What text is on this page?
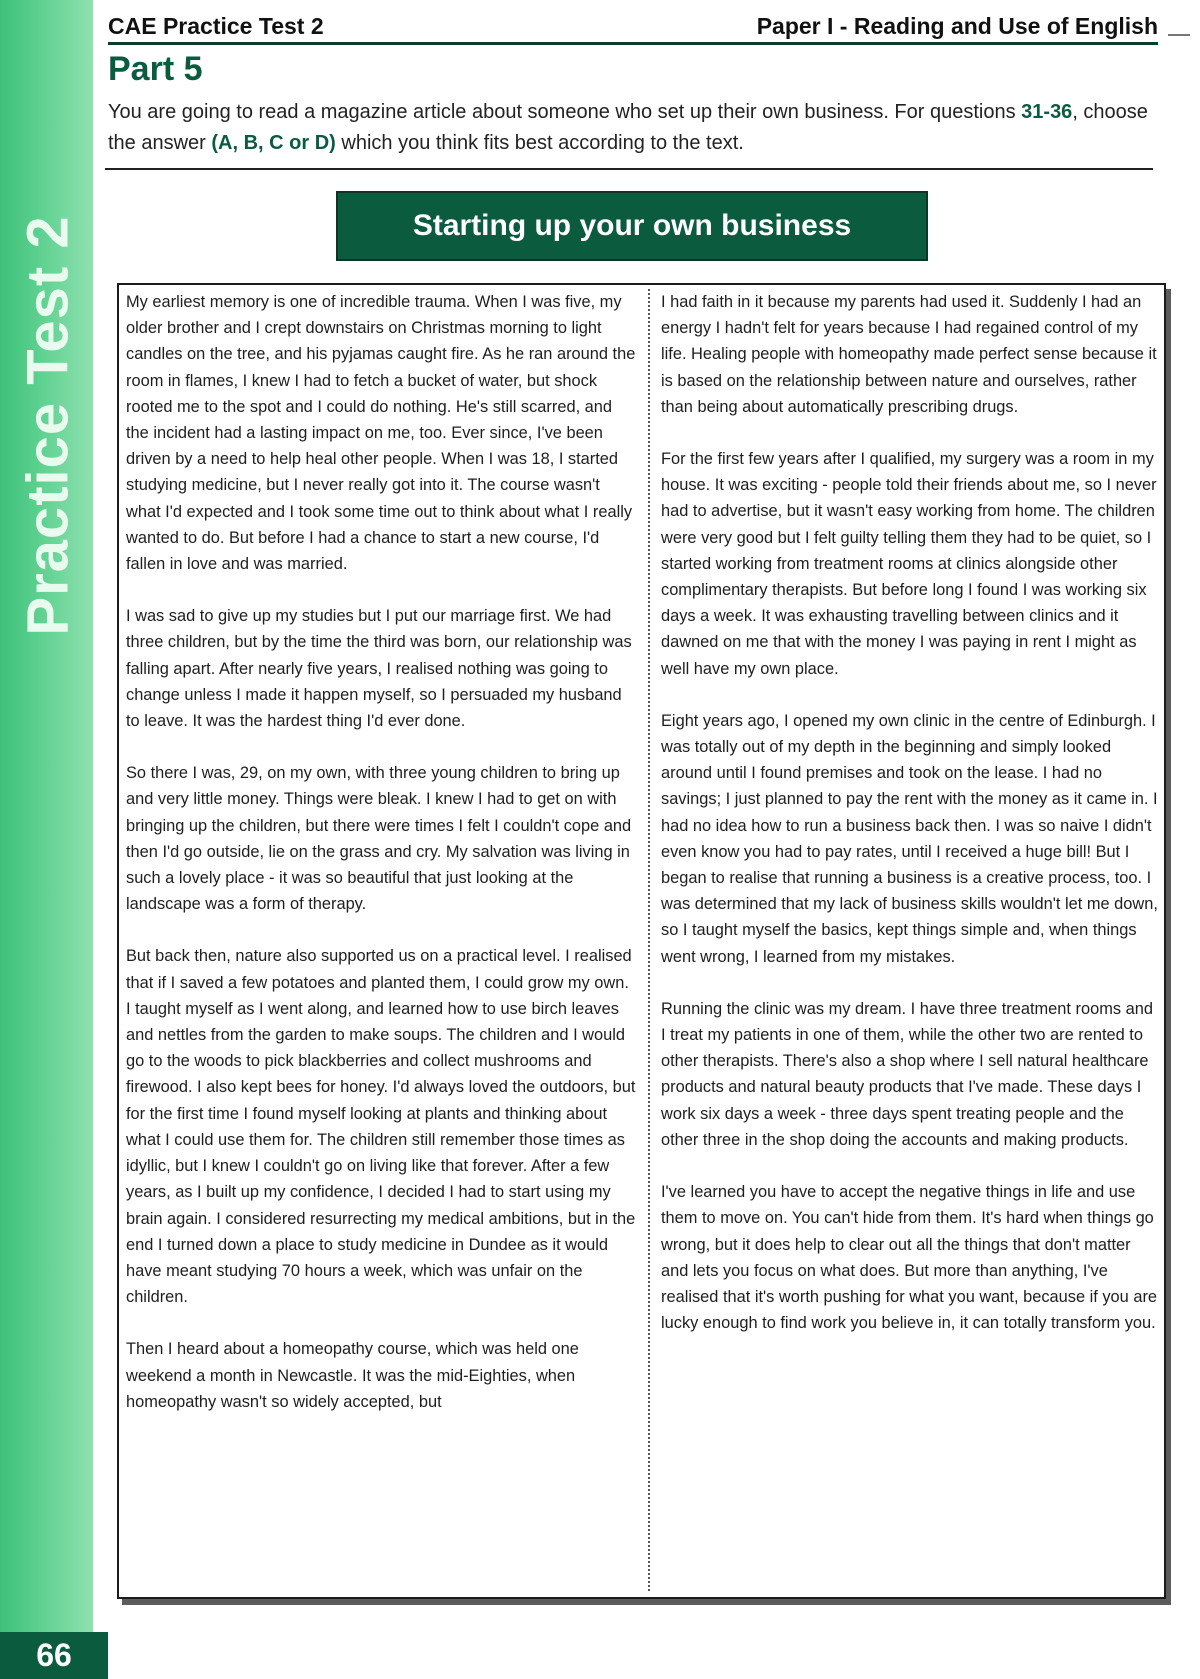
Practice Test 2
66
CAE Practice Test 2	Paper I - Reading and Use of English
Part 5
You are going to read a magazine article about someone who set up their own business. For questions 31-36, choose the answer (A, B, C or D) which you think fits best according to the text.
Starting up your own business

My earliest memory is one of incredible trauma. When I was five, my older brother and I crept downstairs on Christmas morning to light candles on the tree, and his pyjamas caught fire. As he ran around the room in flames, I knew I had to fetch a bucket of water, but shock rooted me to the spot and I could do nothing. He's still scarred, and the incident had a lasting impact on me, too. Ever since, I've been driven by a need to help heal other people. When I was 18, I started studying medicine, but I never really got into it. The course wasn't what I'd expected and I took some time out to think about what I really wanted to do. But before I had a chance to start a new course, I'd fallen in love and was married.

I was sad to give up my studies but I put our marriage first. We had three children, but by the time the third was born, our relationship was falling apart. After nearly five years, I realised nothing was going to change unless I made it happen myself, so I persuaded my husband to leave. It was the hardest thing I'd ever done.

So there I was, 29, on my own, with three young children to bring up and very little money. Things were bleak. I knew I had to get on with bringing up the children, but there were times I felt I couldn't cope and then I'd go outside, lie on the grass and cry. My salvation was living in such a lovely place - it was so beautiful that just looking at the landscape was a form of therapy.

But back then, nature also supported us on a practical level. I realised that if I saved a few potatoes and planted them, I could grow my own. I taught myself as I went along, and learned how to use birch leaves and nettles from the garden to make soups. The children and I would go to the woods to pick blackberries and collect mushrooms and firewood. I also kept bees for honey. I'd always loved the outdoors, but for the first time I found myself looking at plants and thinking about what I could use them for. The children still remember those times as idyllic, but I knew I couldn't go on living like that forever. After a few years, as I built up my confidence, I decided I had to start using my brain again. I considered resurrecting my medical ambitions, but in the end I turned down a place to study medicine in Dundee as it would have meant studying 70 hours a week, which was unfair on the children.

Then I heard about a homeopathy course, which was held one weekend a month in Newcastle. It was the mid-Eighties, when homeopathy wasn't so widely accepted, but

I had faith in it because my parents had used it. Suddenly I had an energy I hadn't felt for years because I had regained control of my life. Healing people with homeopathy made perfect sense because it is based on the relationship between nature and ourselves, rather than being about automatically prescribing drugs.

For the first few years after I qualified, my surgery was a room in my house. It was exciting - people told their friends about me, so I never had to advertise, but it wasn't easy working from home. The children were very good but I felt guilty telling them they had to be quiet, so I started working from treatment rooms at clinics alongside other complimentary therapists. But before long I found I was working six days a week. It was exhausting travelling between clinics and it dawned on me that with the money I was paying in rent I might as well have my own place.

Eight years ago, I opened my own clinic in the centre of Edinburgh. I was totally out of my depth in the beginning and simply looked around until I found premises and took on the lease. I had no savings; I just planned to pay the rent with the money as it came in. I had no idea how to run a business back then. I was so naive I didn't even know you had to pay rates, until I received a huge bill! But I began to realise that running a business is a creative process, too. I was determined that my lack of business skills wouldn't let me down, so I taught myself the basics, kept things simple and, when things went wrong, I learned from my mistakes.

Running the clinic was my dream. I have three treatment rooms and I treat my patients in one of them, while the other two are rented to other therapists. There's also a shop where I sell natural healthcare products and natural beauty products that I've made. These days I work six days a week - three days spent treating people and the other three in the shop doing the accounts and making products.

I've learned you have to accept the negative things in life and use them to move on. You can't hide from them. It's hard when things go wrong, but it does help to clear out all the things that don't matter and lets you focus on what does. But more than anything, I've realised that it's worth pushing for what you want, because if you are lucky enough to find work you believe in, it can totally transform you.
